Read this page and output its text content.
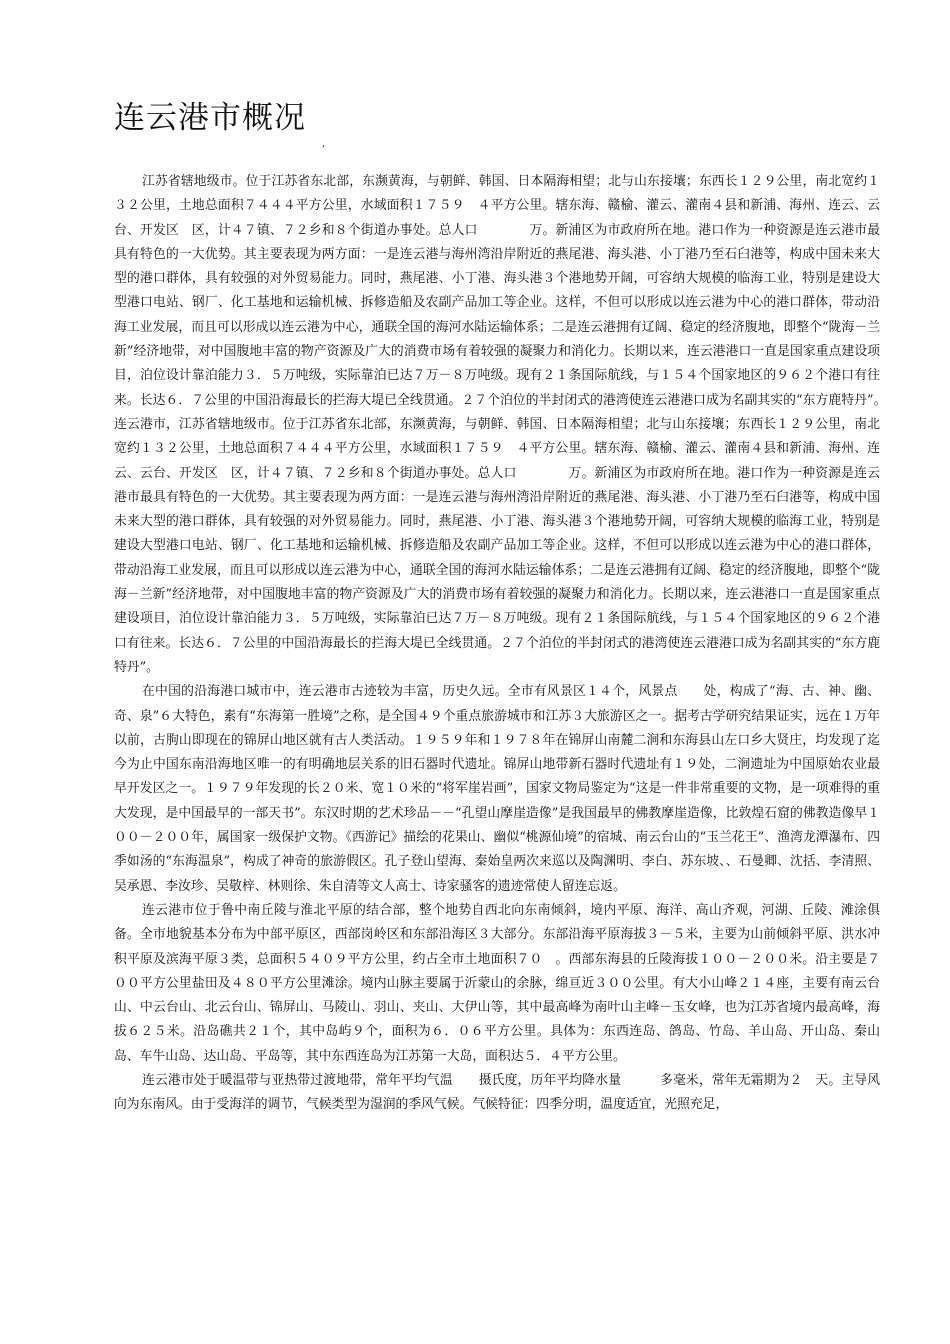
连云港市概况
,

江苏省辖地级市。位于江苏省东北部，东濒黄海，与朝鲜、韩国、日本隔海相望；北与山东接壤；东西长１２９公里，南北宽约１３２公里，土地总面积７４４４平方公里，水域面积１７５９　４平方公里。辖东海、赣榆、灌云、灌南４县和新浦、海州、连云、云台、开发区　区，计４７镇、７２乡和８个街道办事处。总人口　　　　万。新浦区为市政府所在地。港口作为一种资源是连云港市最具有特色的一大优势。其主要表现为两方面：一是连云港与海州湾沿岸附近的燕尾港、海头港、小丁港乃至石臼港等，构成中国未来大型的港口群体，具有较强的对外贸易能力。同时，燕尾港、小丁港、海头港３个港地势开阔，可容纳大规模的临海工业，特别是建设大型港口电站、钢厂、化工基地和运输机械、拆修造船及农副产品加工等企业。这样，不但可以形成以连云港为中心的港口群体，带动沿海工业发展，而且可以形成以连云港为中心，通联全国的海河水陆运输体系；二是连云港拥有辽阔、稳定的经济腹地，即整个“陇海－兰新”经济地带，对中国腹地丰富的物产资源及广大的消费市场有着较强的凝聚力和消化力。长期以来，连云港港口一直是国家重点建设项目，泊位设计靠泊能力３．５万吨级，实际靠泊已达７万－８万吨级。现有２１条国际航线，与１５４个国家地区的９６２个港口有往来。长达６．７公里的中国沿海最长的拦海大堤已全线贯通。２７个泊位的半封闭式的港湾使连云港港口成为名副其实的“东方鹿特丹”。　　连云港市，江苏省辖地级市。位于江苏省东北部，东濒黄海，与朝鲜、韩国、日本隔海相望；北与山东接壤；东西长１２９公里，南北宽约１３２公里，土地总面积７４４４平方公里，水域面积１７５９　４平方公里。辖东海、赣榆、灌云、灌南４县和新浦、海州、连云、云台、开发区　区，计４７镇、７２乡和８个街道办事处。总人口　　　　万。新浦区为市政府所在地。港口作为一种资源是连云港市最具有特色的一大优势。其主要表现为两方面：一是连云港与海州湾沿岸附近的燕尾港、海头港、小丁港乃至石臼港等，构成中国未来大型的港口群体，具有较强的对外贸易能力。同时，燕尾港、小丁港、海头港３个港地势开阔，可容纳大规模的临海工业，特别是建设大型港口电站、钢厂、化工基地和运输机械、拆修造船及农副产品加工等企业。这样，不但可以形成以连云港为中心的港口群体，带动沿海工业发展，而且可以形成以连云港为中心，通联全国的海河水陆运输体系；二是连云港拥有辽阔、稳定的经济腹地，即整个“陇海－兰新”经济地带，对中国腹地丰富的物产资源及广大的消费市场有着较强的凝聚力和消化力。长期以来，连云港港口一直是国家重点建设项目，泊位设计靠泊能力３．５万吨级，实际靠泊已达７万－８万吨级。现有２１条国际航线，与１５４个国家地区的９６２个港口有往来。长达６．７公里的中国沿海最长的拦海大堤已全线贯通。２７个泊位的半封闭式的港湾使连云港港口成为名副其实的“东方鹿特丹”。

在中国的沿海港口城市中，连云港市古迹较为丰富，历史久远。全市有风景区１４个，风景点　　处，构成了“海、古、神、幽、奇、泉”６大特色，素有“东海第一胜境”之称，是全国４９个重点旅游城市和江苏３大旅游区之一。据考古学研究结果证实，远在１万年以前，古朐山即现在的锦屏山地区就有古人类活动。１９５９年和１９７８年在锦屏山南麓二涧和东海县山左口乡大贤庄，均发现了迄今为止中国东南沿海地区唯一的有明确地层关系的旧石器时代遗址。锦屏山地带新石器时代遗址有１９处，二涧遗址为中国原始农业最早开发区之一。１９７９年发现的长２０米、宽１０米的“将军崖岩画”，国家文物局鉴定为“这是一件非常重要的文物，是一项难得的重大发现，是中国最早的一部天书”。东汉时期的艺术珍品－－“孔望山摩崖造像”是我国最早的佛教摩崖造像，比敦煌石窟的佛教造像早１００－２００年，属国家一级保护文物。《西游记》描绘的花果山、幽似“桃源仙境”的宿城、南云台山的“玉兰花王”、渔湾龙潭瀑布、四季如汤的“东海温泉”，构成了神奇的旅游假区。孔子登山望海、秦始皇两次来巡以及陶渊明、李白、苏东坡、、石曼卿、沈括、李清照、吴承恩、李汝珍、吴敬梓、林则徐、朱自清等文人高士、诗家骚客的遗迹常使人留连忘返。

连云港市位于鲁中南丘陵与淮北平原的结合部，整个地势自西北向东南倾斜，境内平原、海洋、高山齐观，河湖、丘陵、滩涂俱备。全市地貌基本分布为中部平原区，西部岗岭区和东部沿海区３大部分。东部沿海平原海拔３－５米，主要为山前倾斜平原、洪水冲积平原及滨海平原３类，总面积５４０９平方公里，约占全市土地面积７０　。西部东海县的丘陵海拔１００－２００米。沿主要是７００平方公里盐田及４８０平方公里滩涂。境内山脉主要属于沂蒙山的余脉，绵亘近３００公里。有大小山峰２１４座，主要有南云台山、中云台山、北云台山、锦屏山、马陵山、羽山、夹山、大伊山等，其中最高峰为南叶山主峰－玉女峰，也为江苏省境内最高峰，海拔６２５米。沿岛礁共２１个，其中岛屿９个，面积为６．０６平方公里。具体为：东西连岛、鸽岛、竹岛、羊山岛、开山岛、秦山岛、车牛山岛、达山岛、平岛等，其中东西连岛为江苏第一大岛，面积达５．４平方公里。

连云港市处于暖温带与亚热带过渡地带，常年平均气温　　摄氏度，历年平均降水量　　　多毫米，常年无霜期为２　天。主导风向为东南风。由于受海洋的调节，气候类型为湿润的季风气候。气候特征：四季分明，温度适宜，光照充足，
